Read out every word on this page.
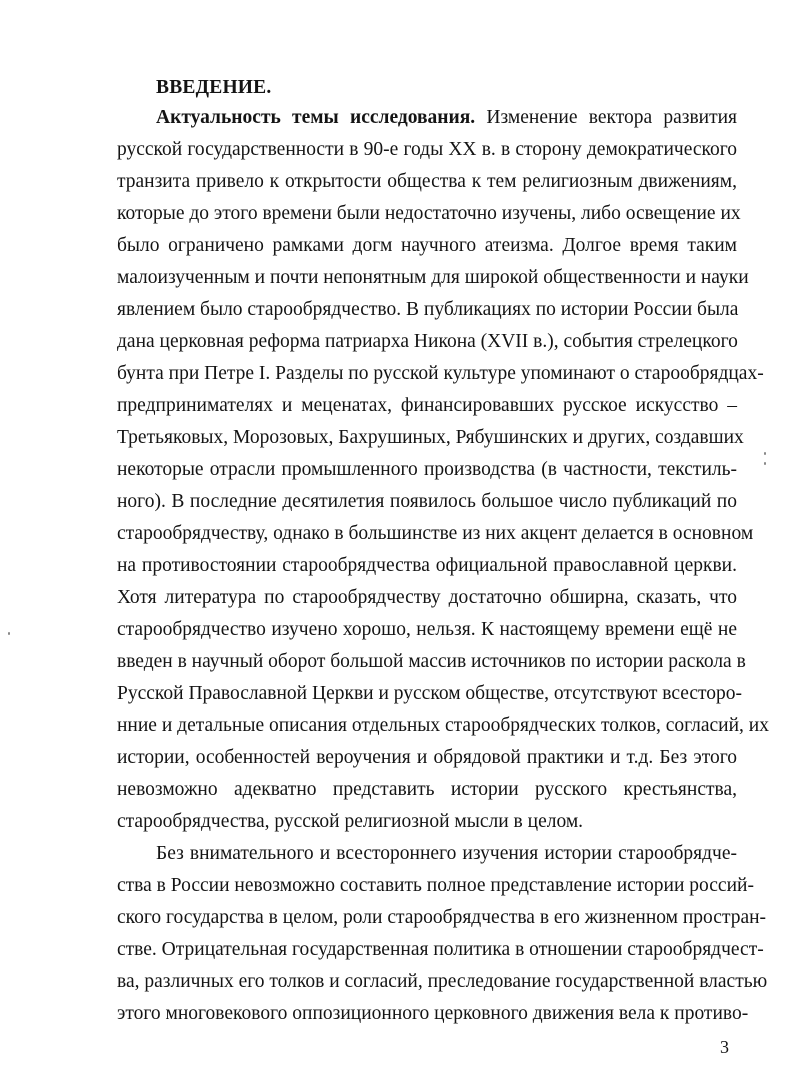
ВВЕДЕНИЕ.
Актуальность темы исследования. Изменение вектора развития
русской государственности в 90-е годы XX в. в сторону демократического
транзита привело к открытости общества к тем религиозным движениям,
которые до этого времени были недостаточно изучены, либо освещение их
было ограничено рамками догм научного атеизма. Долгое время таким
малоизученным и почти непонятным для широкой общественности и науки
явлением было старообрядчество. В публикациях по истории России была
дана церковная реформа патриарха Никона (XVII в.), события стрелецкого
бунта при Петре I. Разделы по русской культуре упоминают о старообрядцах-
предпринимателях и меценатах, финансировавших русское искусство –
Третьяковых, Морозовых, Бахрушиных, Рябушинских и других, создавших
некоторые отрасли промышленного производства (в частности, текстиль-
ного). В последние десятилетия появилось большое число публикаций по
старообрядчеству, однако в большинстве из них акцент делается в основном
на противостоянии старообрядчества официальной православной церкви.
Хотя литература по старообрядчеству достаточно обширна, сказать, что
старообрядчество изучено хорошо, нельзя. К настоящему времени ещё не
введен в научный оборот большой массив источников по истории раскола в
Русской Православной Церкви и русском обществе, отсутствуют всесторо-
нние и детальные описания отдельных старообрядческих толков, согласий, их
истории, особенностей вероучения и обрядовой практики и т.д. Без этого
невозможно адекватно представить истории русского крестьянства,
старообрядчества, русской религиозной мысли в целом.
Без внимательного и всестороннего изучения истории старообрядче-
ства в России невозможно составить полное представление истории россий-
ского государства в целом, роли старообрядчества в его жизненном простран-
стве. Отрицательная государственная политика в отношении старообрядчест-
ва, различных его толков и согласий, преследование государственной властью
этого многовекового оппозиционного церковного движения вела к противо-
3
